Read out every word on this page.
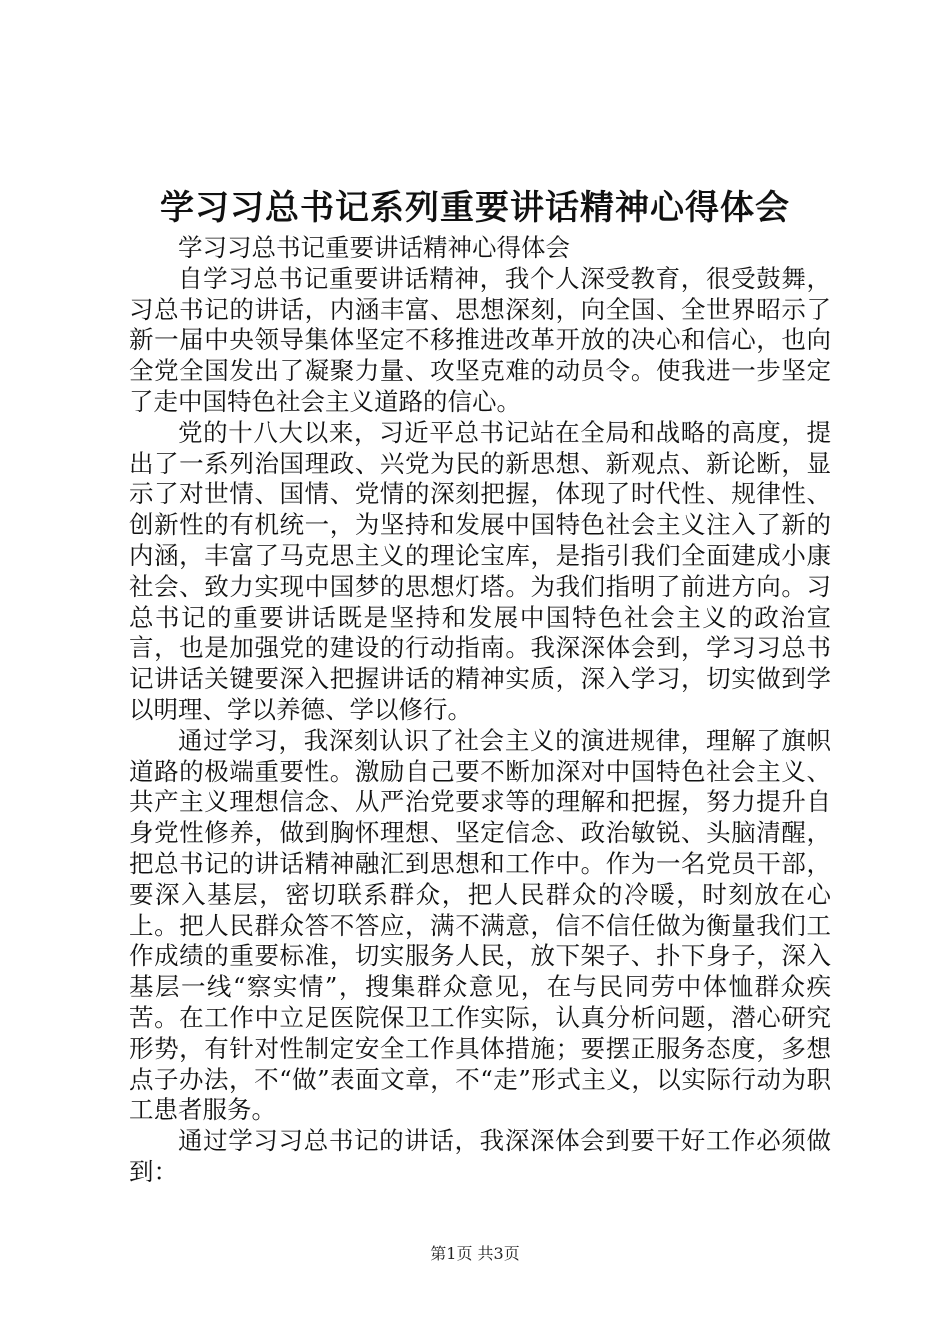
学习习总书记系列重要讲话精神心得体会

学习习总书记重要讲话精神心得体会

自学习总书记重要讲话精神，我个人深受教育，很受鼓舞，习总书记的讲话，内涵丰富、思想深刻，向全国、全世界昭示了新一届中央领导集体坚定不移推进改革开放的决心和信心，也向全党全国发出了凝聚力量、攻坚克难的动员令。使我进一步坚定了走中国特色社会主义道路的信心。

党的十八大以来，习近平总书记站在全局和战略的高度，提出了一系列治国理政、兴党为民的新思想、新观点、新论断，显示了对世情、国情、党情的深刻把握，体现了时代性、规律性、创新性的有机统一，为坚持和发展中国特色社会主义注入了新的内涵，丰富了马克思主义的理论宝库，是指引我们全面建成小康社会、致力实现中国梦的思想灯塔。为我们指明了前进方向。习总书记的重要讲话既是坚持和发展中国特色社会主义的政治宣言，也是加强党的建设的行动指南。我深深体会到，学习习总书记讲话关键要深入把握讲话的精神实质，深入学习，切实做到学以明理、学以养德、学以修行。

通过学习，我深刻认识了社会主义的演进规律，理解了旗帜道路的极端重要性。激励自己要不断加深对中国特色社会主义、共产主义理想信念、从严治党要求等的理解和把握，努力提升自身党性修养，做到胸怀理想、坚定信念、政治敏锐、头脑清醒，把总书记的讲话精神融汇到思想和工作中。作为一名党员干部，要深入基层，密切联系群众，把人民群众的冷暖，时刻放在心上。把人民群众答不答应，满不满意，信不信任做为衡量我们工作成绩的重要标准，切实服务人民，放下架子、扑下身子，深入基层一线“察实情”，搜集群众意见，在与民同劳中体恤群众疾苦。在工作中立足医院保卫工作实际，认真分析问题，潜心研究形势，有针对性制定安全工作具体措施；要摆正服务态度，多想点子办法，不“做”表面文章，不“走”形式主义，以实际行动为职工患者服务。

通过学习习总书记的讲话，我深深体会到要干好工作必须做到：

第1页 共3页
